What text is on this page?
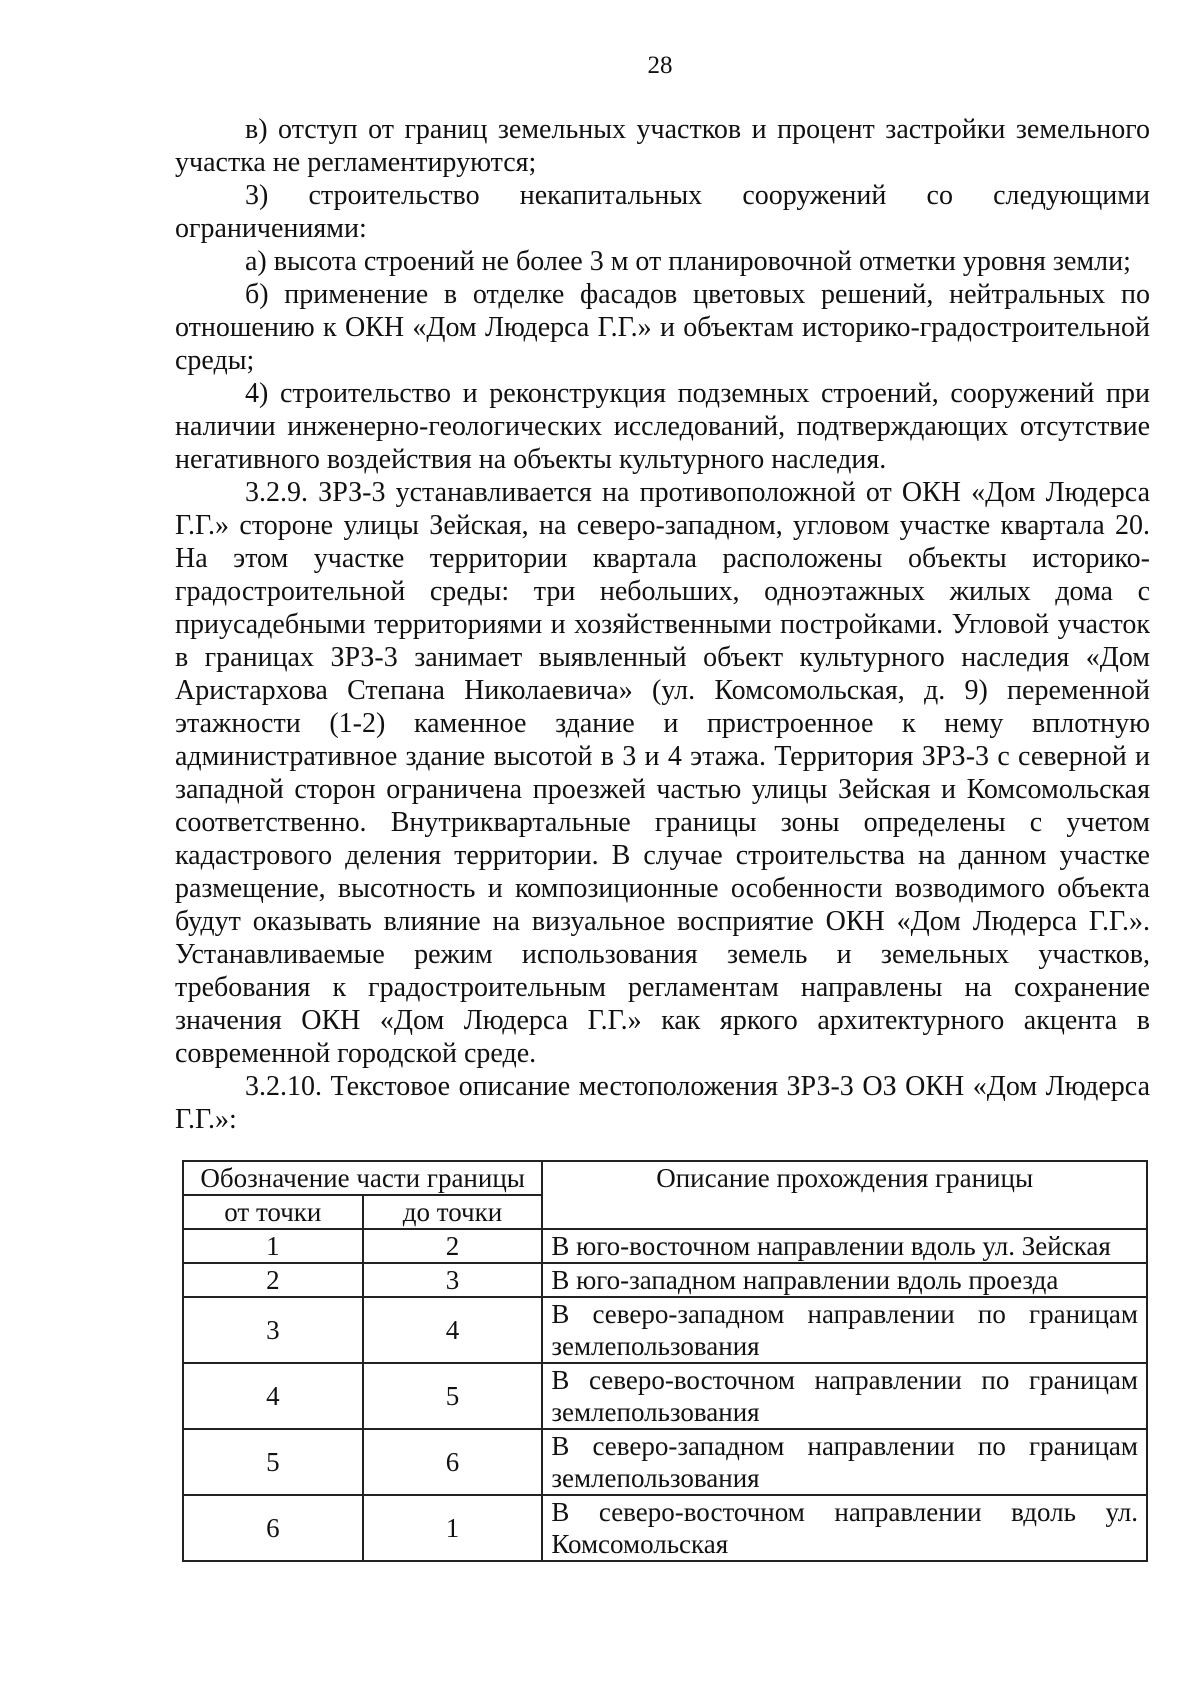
28

в) отступ от границ земельных участков и процент застройки земельного участка не регламентируются;

3) строительство некапитальных сооружений со следующими ограничениями:

а) высота строений не более 3 м от планировочной отметки уровня земли;

б) применение в отделке фасадов цветовых решений, нейтральных по отношению к ОКН «Дом Людерса Г.Г.» и объектам историко-градостроительной среды;

4) строительство и реконструкция подземных строений, сооружений при наличии инженерно-геологических исследований, подтверждающих отсутствие негативного воздействия на объекты культурного наследия.

3.2.9. ЗРЗ-3 устанавливается на противоположной от ОКН «Дом Людерса Г.Г.» стороне улицы Зейская, на северо-западном, угловом участке квартала 20. На этом участке территории квартала расположены объекты историко-градостроительной среды: три небольших, одноэтажных жилых дома с приусадебными территориями и хозяйственными постройками. Угловой участок в границах ЗРЗ-3 занимает выявленный объект культурного наследия «Дом Аристархова Степана Николаевича» (ул. Комсомольская, д. 9) переменной этажности (1-2) каменное здание и пристроенное к нему вплотную административное здание высотой в 3 и 4 этажа. Территория ЗРЗ-3 с северной и западной сторон ограничена проезжей частью улицы Зейская и Комсомольская соответственно. Внутриквартальные границы зоны определены с учетом кадастрового деления территории. В случае строительства на данном участке размещение, высотность и композиционные особенности возводимого объекта будут оказывать влияние на визуальное восприятие ОКН «Дом Людерса Г.Г.». Устанавливаемые режим использования земель и земельных участков, требования к градостроительным регламентам направлены на сохранение значения ОКН «Дом Людерса Г.Г.» как яркого архитектурного акцента в современной городской среде.

3.2.10. Текстовое описание местоположения ЗРЗ-3 ОЗ ОКН «Дом Людерса Г.Г.»:

Обозначение части границы		Описание прохождения границы
от точки	до точки	
1	2	В юго-восточном направлении вдоль ул. Зейская
2	3	В юго-западном направлении вдоль проезда
3	4	В северо-западном направлении по границам землепользования
4	5	В северо-восточном направлении по границам землепользования
5	6	В северо-западном направлении по границам землепользования
6	1	В северо-восточном направлении вдоль ул. Комсомольская
